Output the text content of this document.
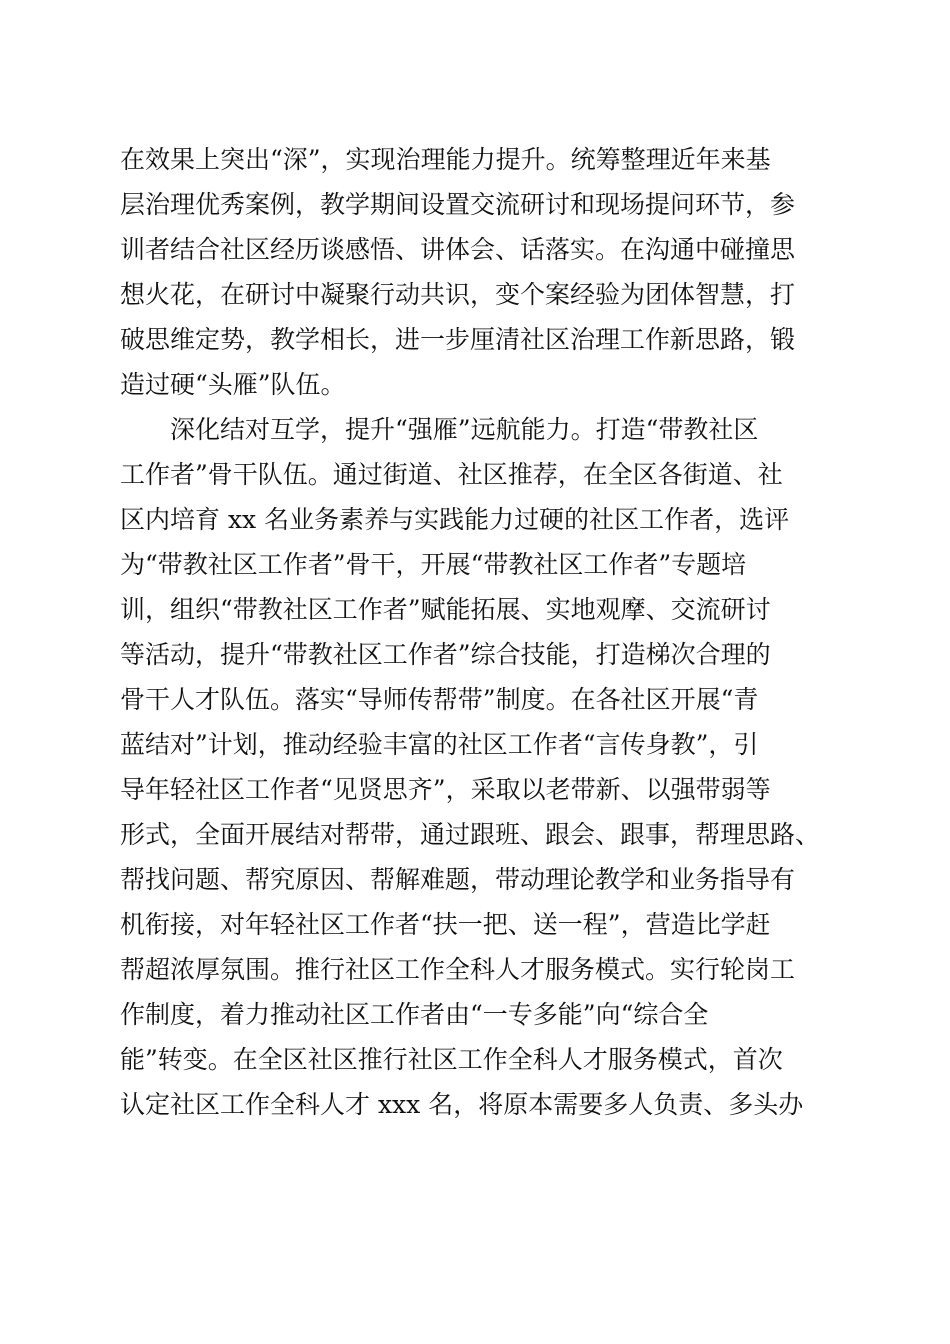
在效果上突出“深”，实现治理能力提升。统筹整理近年来基
层治理优秀案例，教学期间设置交流研讨和现场提问环节，参
训者结合社区经历谈感悟、讲体会、话落实。在沟通中碰撞思
想火花，在研讨中凝聚行动共识，变个案经验为团体智慧，打
破思维定势，教学相长，进一步厘清社区治理工作新思路，锻
造过硬“头雁”队伍。
深化结对互学，提升“强雁”远航能力。打造“带教社区
工作者”骨干队伍。通过街道、社区推荐，在全区各街道、社
区内培育 xx 名业务素养与实践能力过硬的社区工作者，选评
为“带教社区工作者”骨干，开展“带教社区工作者”专题培
训，组织“带教社区工作者”赋能拓展、实地观摩、交流研讨
等活动，提升“带教社区工作者”综合技能，打造梯次合理的
骨干人才队伍。落实“导师传帮带”制度。在各社区开展“青
蓝结对”计划，推动经验丰富的社区工作者“言传身教”，引
导年轻社区工作者“见贤思齐”，采取以老带新、以强带弱等
形式，全面开展结对帮带，通过跟班、跟会、跟事，帮理思路、
帮找问题、帮究原因、帮解难题，带动理论教学和业务指导有
机衔接，对年轻社区工作者“扶一把、送一程”，营造比学赶
帮超浓厚氛围。推行社区工作全科人才服务模式。实行轮岗工
作制度，着力推动社区工作者由“一专多能”向“综合全
能”转变。在全区社区推行社区工作全科人才服务模式，首次
认定社区工作全科人才 xxx 名，将原本需要多人负责、多头办
